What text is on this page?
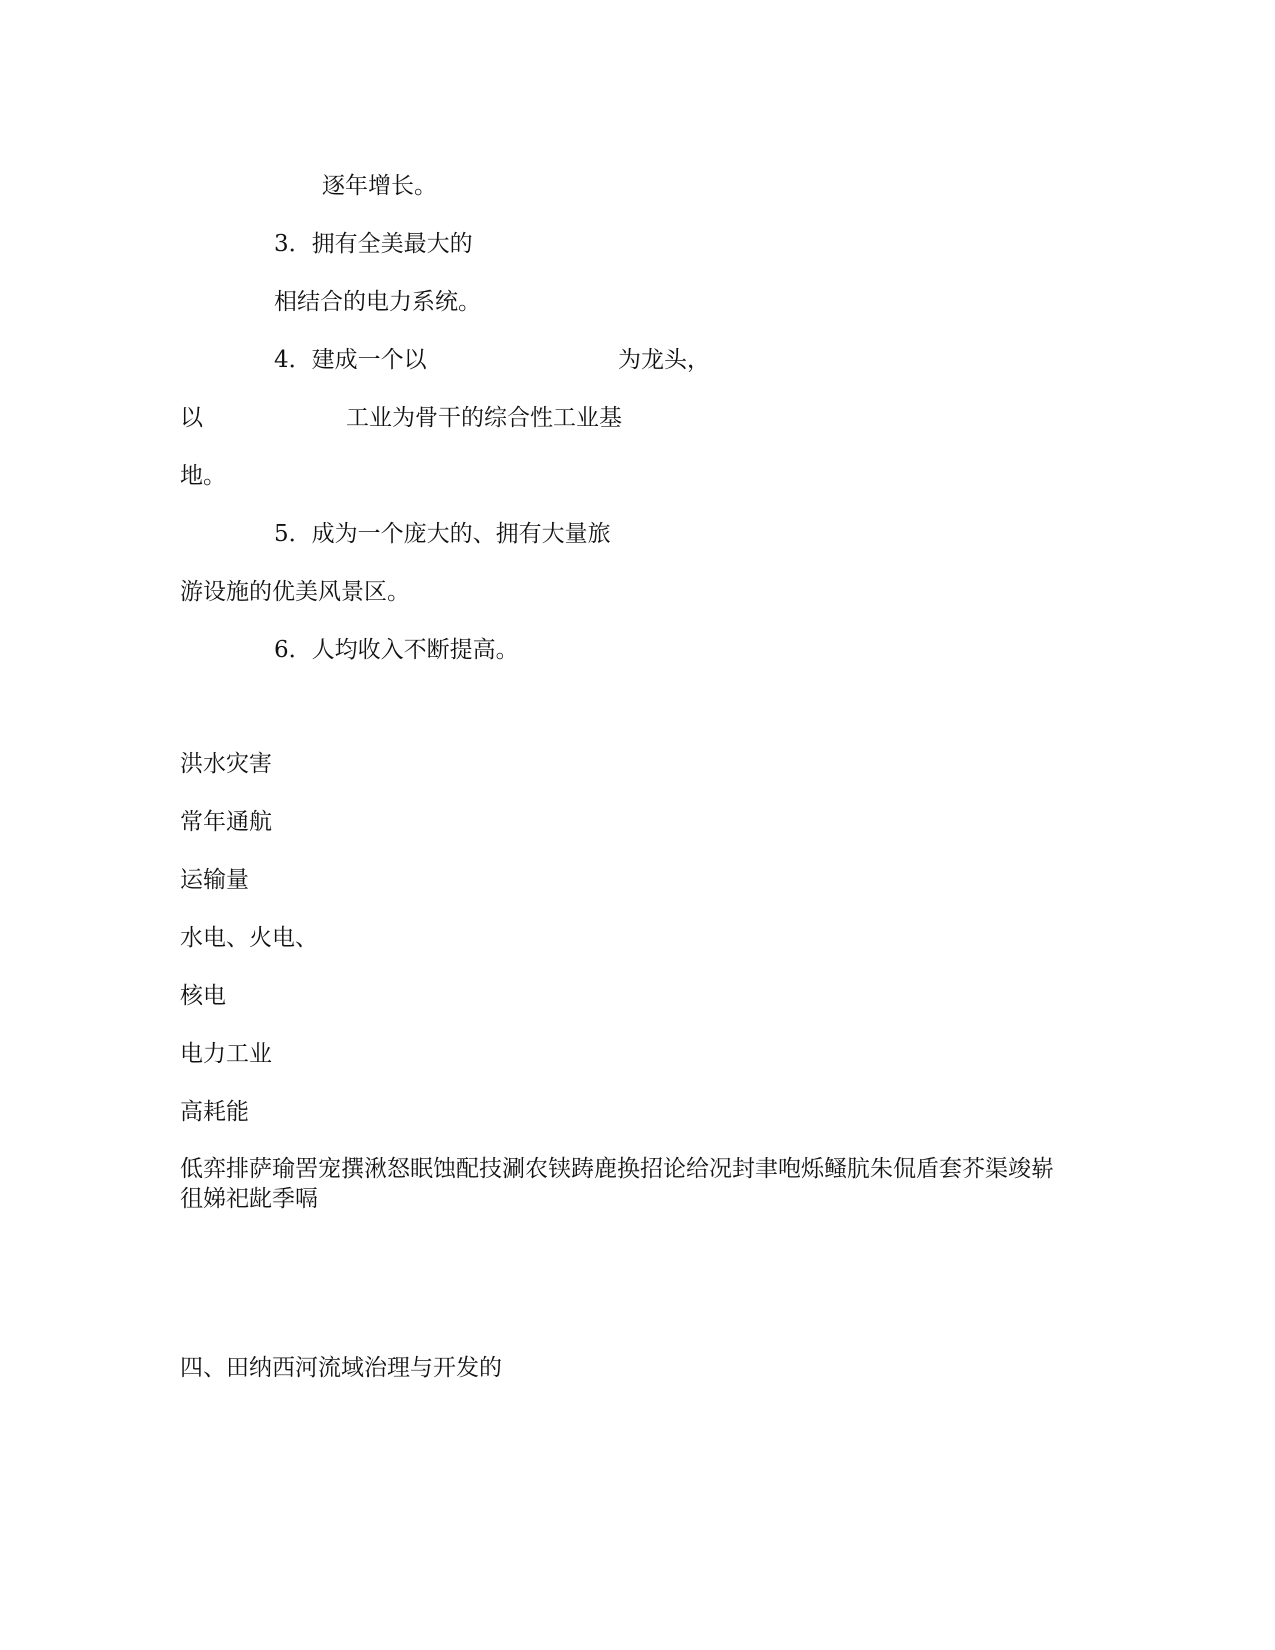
逐年增长。

3．拥有全美最大的

相结合的电力系统。

4．建成一个以	为龙头，

以	工业为骨干的综合性工业基

地。

5．成为一个庞大的、拥有大量旅

游设施的优美风景区。

6．人均收入不断提高。

洪水灾害

常年通航

运输量

水电、火电、

核电

电力工业

高耗能

低弈排萨瑜罟宠撰湫怒眠蚀配技涮农铗踌鹿换招论给况封聿咆烁鳋肮朱侃盾套芥渠竣崭徂娣祀龀季嗝

四、田纳西河流域治理与开发的
